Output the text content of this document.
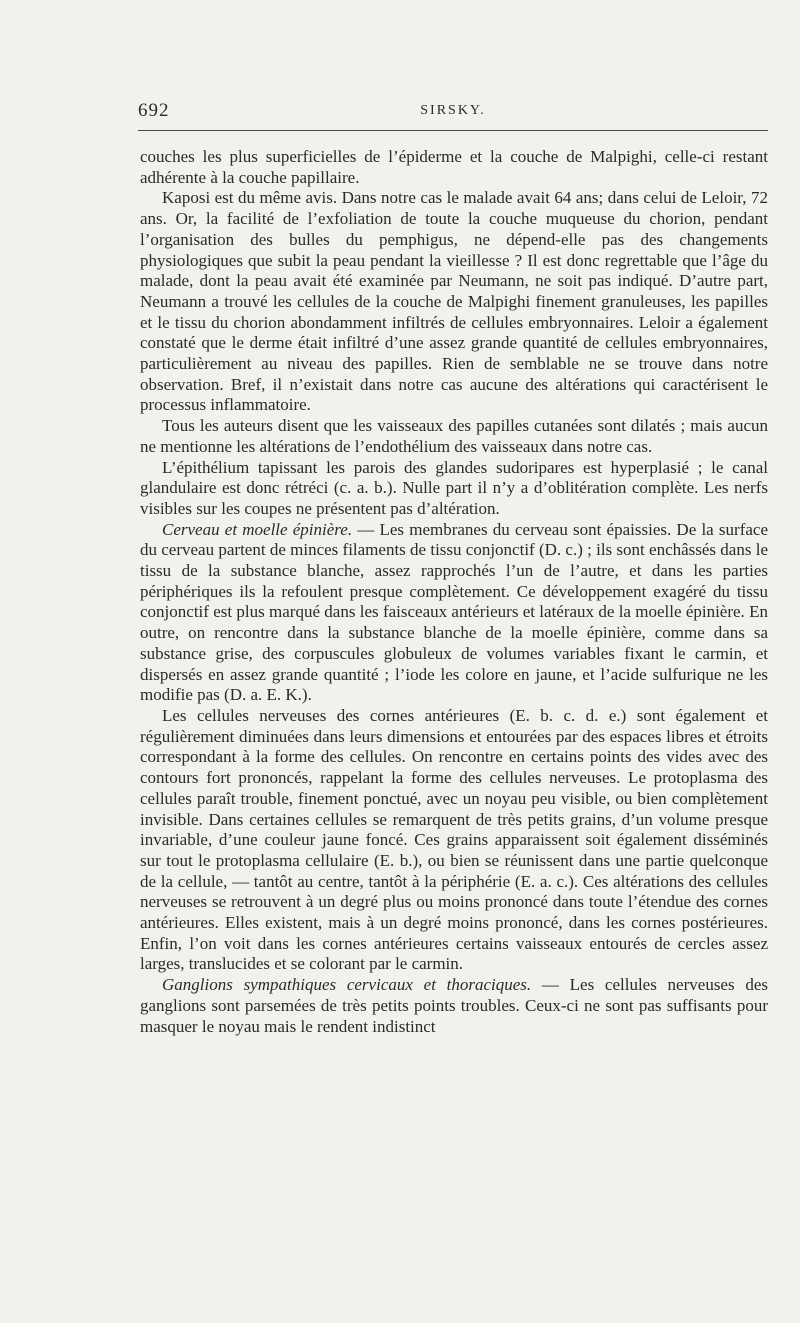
692	SIRSKY.

couches les plus superficielles de l’épiderme et la couche de Malpighi, celle-ci restant adhérente à la couche papillaire.

Kaposi est du même avis. Dans notre cas le malade avait 64 ans; dans celui de Leloir, 72 ans. Or, la facilité de l’exfoliation de toute la couche muqueuse du chorion, pendant l’organisation des bulles du pemphigus, ne dépend-elle pas des changements physiologiques que subit la peau pendant la vieillesse ? Il est donc regrettable que l’âge du malade, dont la peau avait été examinée par Neumann, ne soit pas indiqué. D’autre part, Neumann a trouvé les cellules de la couche de Malpighi finement granuleuses, les papilles et le tissu du chorion abondamment infiltrés de cellules embryonnaires. Leloir a également constaté que le derme était infiltré d’une assez grande quantité de cellules embryonnaires, particulièrement au niveau des papilles. Rien de semblable ne se trouve dans notre observation. Bref, il n’existait dans notre cas aucune des altérations qui caractérisent le processus inflammatoire.

Tous les auteurs disent que les vaisseaux des papilles cutanées sont dilatés ; mais aucun ne mentionne les altérations de l’endothélium des vaisseaux dans notre cas.

L’épithélium tapissant les parois des glandes sudoripares est hyperplasié ; le canal glandulaire est donc rétréci (c. a. b.). Nulle part il n’y a d’oblitération complète. Les nerfs visibles sur les coupes ne présentent pas d’altération.

Cerveau et moelle épinière. — Les membranes du cerveau sont épaissies. De la surface du cerveau partent de minces filaments de tissu conjonctif (D. c.) ; ils sont enchâssés dans le tissu de la substance blanche, assez rapprochés l’un de l’autre, et dans les parties périphériques ils la refoulent presque complètement. Ce développement exagéré du tissu conjonctif est plus marqué dans les faisceaux antérieurs et latéraux de la moelle épinière. En outre, on rencontre dans la substance blanche de la moelle épinière, comme dans sa substance grise, des corpuscules globuleux de volumes variables fixant le carmin, et dispersés en assez grande quantité ; l’iode les colore en jaune, et l’acide sulfurique ne les modifie pas (D. a. E. K.).

Les cellules nerveuses des cornes antérieures (E. b. c. d. e.) sont également et régulièrement diminuées dans leurs dimensions et entourées par des espaces libres et étroits correspondant à la forme des cellules. On rencontre en certains points des vides avec des contours fort prononcés, rappelant la forme des cellules nerveuses. Le protoplasma des cellules paraît trouble, finement ponctué, avec un noyau peu visible, ou bien complètement invisible. Dans certaines cellules se remarquent de très petits grains, d’un volume presque invariable, d’une couleur jaune foncé. Ces grains apparaissent soit également disséminés sur tout le protoplasma cellulaire (E. b.), ou bien se réunissent dans une partie quelconque de la cellule, — tantôt au centre, tantôt à la périphérie (E. a. c.). Ces altérations des cellules nerveuses se retrouvent à un degré plus ou moins prononcé dans toute l’étendue des cornes antérieures. Elles existent, mais à un degré moins prononcé, dans les cornes postérieures. Enfin, l’on voit dans les cornes antérieures certains vaisseaux entourés de cercles assez larges, translucides et se colorant par le carmin.

Ganglions sympathiques cervicaux et thoraciques. — Les cellules nerveuses des ganglions sont parsemées de très petits points troubles. Ceux-ci ne sont pas suffisants pour masquer le noyau mais le rendent indistinct
